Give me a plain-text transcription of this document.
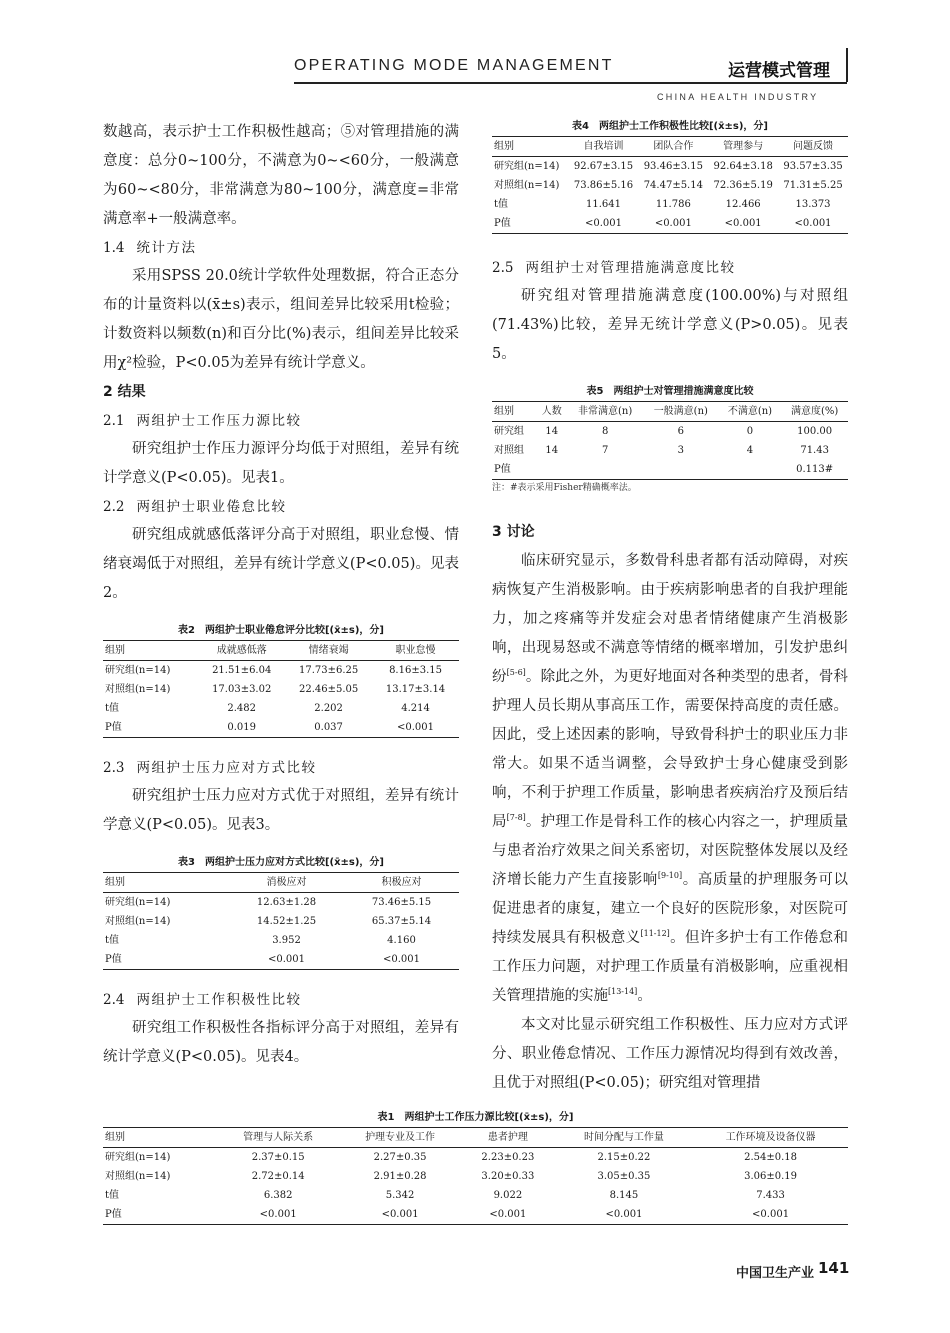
OPERATING MODE MANAGEMENT	运营模式管理
CHINA HEALTH INDUSTRY

数越高，表示护士工作积极性越高；⑤对管理措施的满意度：总分0~100分，不满意为0~<60分，一般满意为60~<80分，非常满意为80~100分，满意度=非常满意率+一般满意率。

1.4 统计方法

采用SPSS 20.0统计学软件处理数据，符合正态分布的计量资料以(x̄±s)表示，组间差异比较采用t检验；计数资料以频数(n)和百分比(%)表示，组间差异比较采用χ²检验，P<0.05为差异有统计学意义。

2 结果

2.1 两组护士工作压力源比较

研究组护士作压力源评分均低于对照组，差异有统计学意义(P<0.05)。见表1。

2.2 两组护士职业倦怠比较

研究组成就感低落评分高于对照组，职业怠慢、情绪衰竭低于对照组，差异有统计学意义(P<0.05)。见表2。

表2　两组护士职业倦怠评分比较[(x̄±s)，分]
组别	成就感低落	情绪衰竭	职业怠慢
研究组(n=14)	21.51±6.04	17.73±6.25	8.16±3.15
对照组(n=14)	17.03±3.02	22.46±5.05	13.17±3.14
t值	2.482	2.202	4.214
P值	0.019	0.037	<0.001

2.3 两组护士压力应对方式比较

研究组护士压力应对方式优于对照组，差异有统计学意义(P<0.05)。见表3。

表3　两组护士压力应对方式比较[(x̄±s)，分]
组别	消极应对	积极应对
研究组(n=14)	12.63±1.28	73.46±5.15
对照组(n=14)	14.52±1.25	65.37±5.14
t值	3.952	4.160
P值	<0.001	<0.001

2.4 两组护士工作积极性比较

研究组工作积极性各指标评分高于对照组，差异有统计学意义(P<0.05)。见表4。

表4　两组护士工作积极性比较[(x̄±s)，分]
组别	自我培训	团队合作	管理参与	问题反馈
研究组(n=14)	92.67±3.15	93.46±3.15	92.64±3.18	93.57±3.35
对照组(n=14)	73.86±5.16	74.47±5.14	72.36±5.19	71.31±5.25
t值	11.641	11.786	12.466	13.373
P值	<0.001	<0.001	<0.001	<0.001

2.5 两组护士对管理措施满意度比较

研究组对管理措施满意度(100.00%)与对照组(71.43%)比较，差异无统计学意义(P>0.05)。见表5。

表5　两组护士对管理措施满意度比较
组别	人数	非常满意(n)	一般满意(n)	不满意(n)	满意度(%)
研究组	14	8	6	0	100.00
对照组	14	7	3	4	71.43
P值					0.113#
注：#表示采用Fisher精确概率法。

3 讨论

临床研究显示，多数骨科患者都有活动障碍，对疾病恢复产生消极影响。由于疾病影响患者的自我护理能力，加之疼痛等并发症会对患者情绪健康产生消极影响，出现易怒或不满意等情绪的概率增加，引发护患纠纷[5-6]。除此之外，为更好地面对各种类型的患者，骨科护理人员长期从事高压工作，需要保持高度的责任感。因此，受上述因素的影响，导致骨科护士的职业压力非常大。如果不适当调整，会导致护士身心健康受到影响，不利于护理工作质量，影响患者疾病治疗及预后结局[7-8]。护理工作是骨科工作的核心内容之一，护理质量与患者治疗效果之间关系密切，对医院整体发展以及经济增长能力产生直接影响[9-10]。高质量的护理服务可以促进患者的康复，建立一个良好的医院形象，对医院可持续发展具有积极意义[11-12]。但许多护士有工作倦怠和工作压力问题，对护理工作质量有消极影响，应重视相关管理措施的实施[13-14]。

本文对比显示研究组工作积极性、压力应对方式评分、职业倦怠情况、工作压力源情况均得到有效改善，且优于对照组(P<0.05)；研究组对管理措

表1　两组护士工作压力源比较[(x̄±s)，分]
组别	管理与人际关系	护理专业及工作	患者护理	时间分配与工作量	工作环境及设备仪器
研究组(n=14)	2.37±0.15	2.27±0.35	2.23±0.23	2.15±0.22	2.54±0.18
对照组(n=14)	2.72±0.14	2.91±0.28	3.20±0.33	3.05±0.35	3.06±0.19
t值	6.382	5.342	9.022	8.145	7.433
P值	<0.001	<0.001	<0.001	<0.001	<0.001
中国卫生产业 141
